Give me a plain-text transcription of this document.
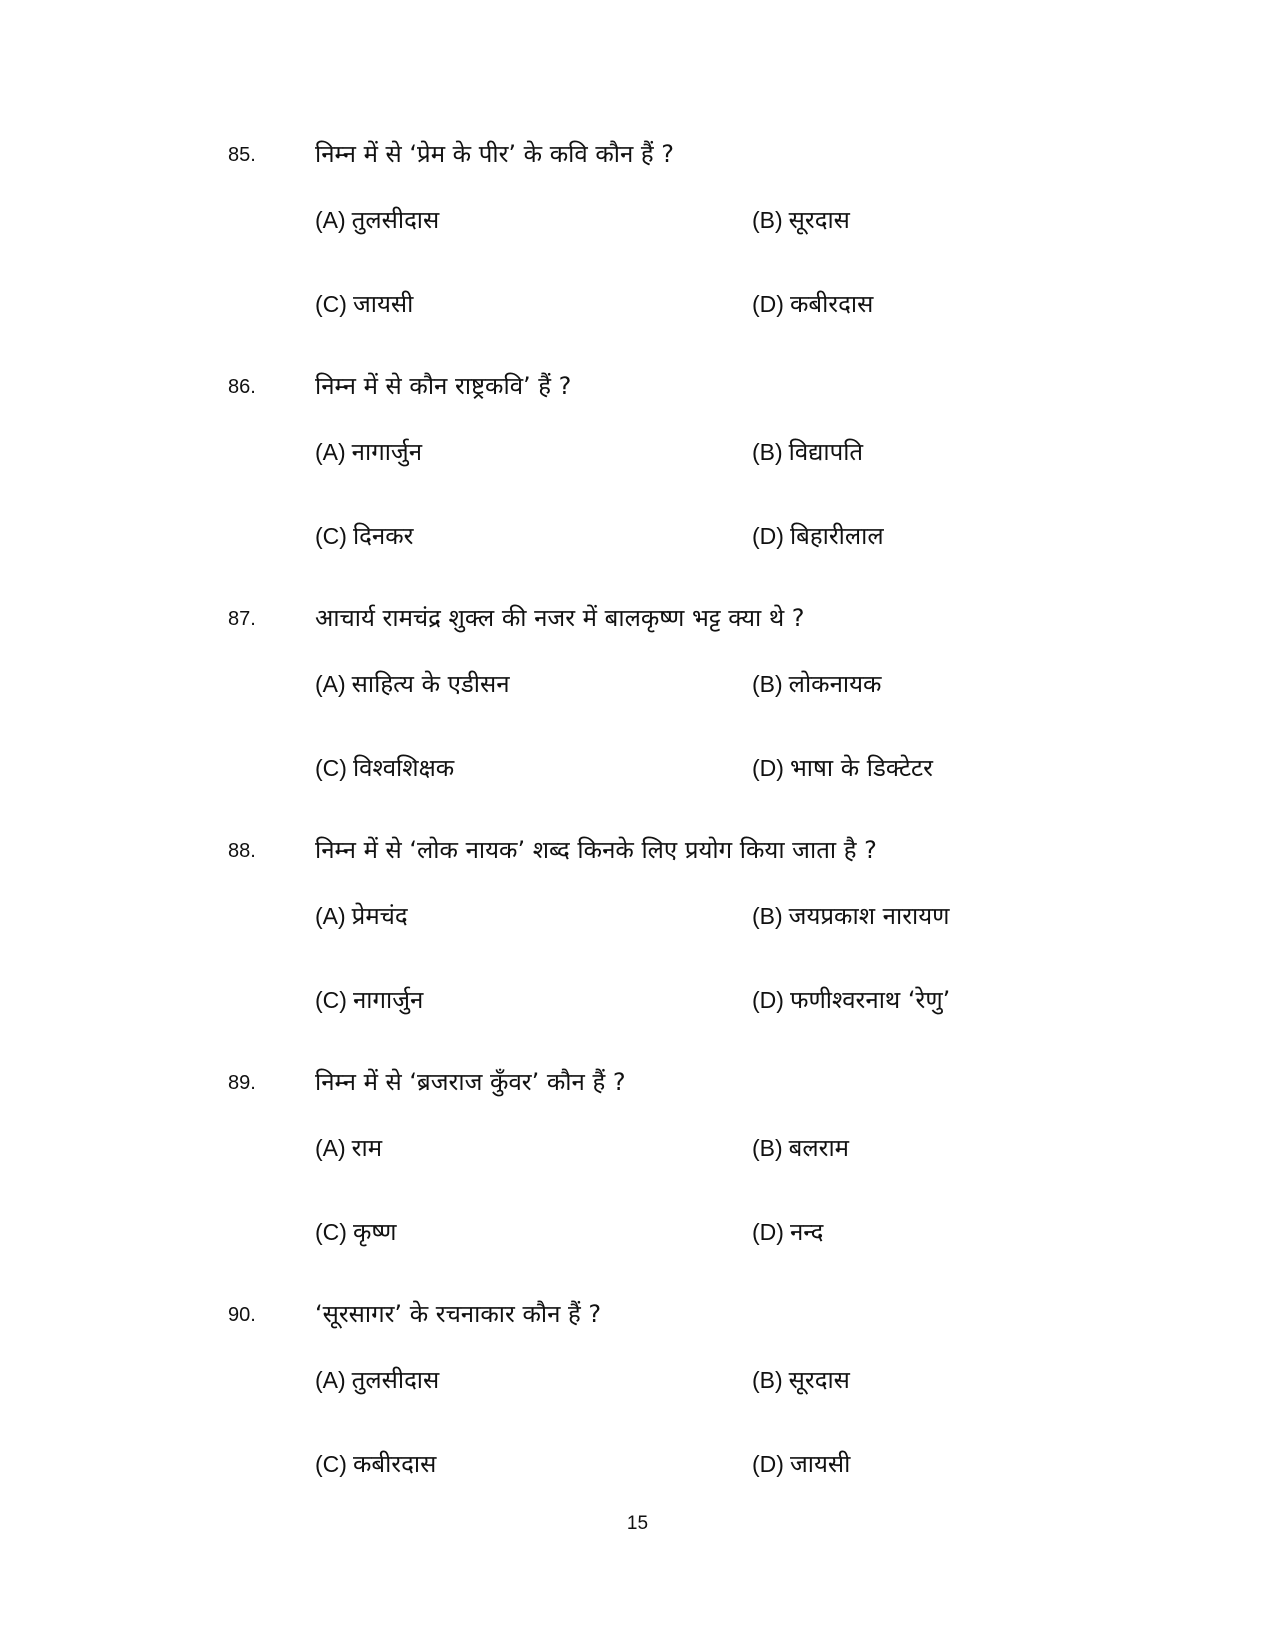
85. निम्न में से ‘प्रेम के पीर’ के कवि कौन हैं ?
(A) तुलसीदास	(B) सूरदास
(C) जायसी	(D) कबीरदास
86. निम्न में से कौन राष्ट्रकवि’ हैं ?
(A) नागार्जुन	(B) विद्यापति
(C) दिनकर	(D) बिहारीलाल
87. आचार्य रामचंद्र शुक्ल की नजर में बालकृष्ण भट्ट क्या थे ?
(A) साहित्य के एडीसन	(B) लोकनायक
(C) विश्वशिक्षक	(D) भाषा के डिक्टेटर
88. निम्न में से ‘लोक नायक’ शब्द किनके लिए प्रयोग किया जाता है ?
(A) प्रेमचंद	(B) जयप्रकाश नारायण
(C) नागार्जुन	(D) फणीश्वरनाथ ‘रेणु’
89. निम्न में से ‘ब्रजराज कुँवर’ कौन हैं ?
(A) राम	(B) बलराम
(C) कृष्ण	(D) नन्द
90. ‘सूरसागर’ के रचनाकार कौन हैं ?
(A) तुलसीदास	(B) सूरदास
(C) कबीरदास	(D) जायसी
15
